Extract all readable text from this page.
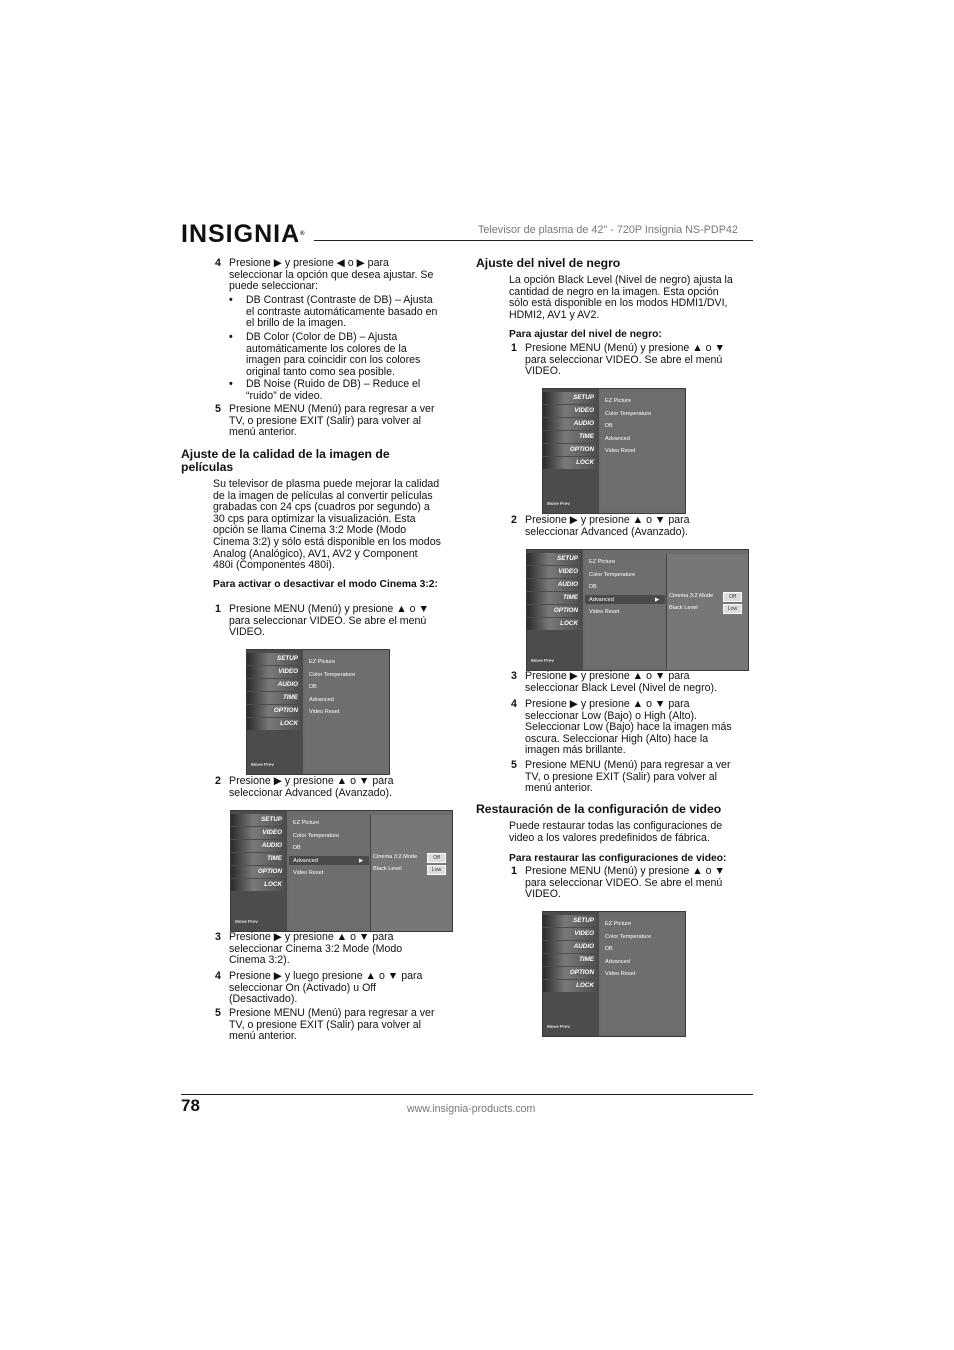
INSIGNIA®	Televisor de plasma de 42" - 720P Insignia NS-PDP42
4 Presione ▶ y presione ◀ o ▶ para
seleccionar la opción que desea ajustar. Se
puede seleccionar:
• DB Contrast (Contraste de DB) – Ajusta
el contraste automáticamente basado en
el brillo de la imagen.
• DB Color (Color de DB) – Ajusta
automáticamente los colores de la
imagen para coincidir con los colores
original tanto como sea posible.
• DB Noise (Ruido de DB) – Reduce el
“ruido” de video.
5 Presione MENU (Menú) para regresar a ver
TV, o presione EXIT (Salir) para volver al
menú anterior.
Ajuste de la calidad de la imagen de películas
Su televisor de plasma puede mejorar la calidad
de la imagen de películas al convertir películas
grabadas con 24 cps (cuadros por segundo) a
30 cps para optimizar la visualización. Esta
opción se llama Cinema 3:2 Mode (Modo
Cinema 3:2) y sólo está disponible en los modos
Analog (Analógico), AV1, AV2 y Component
480i (Componentes 480i).
Para activar o desactivar el modo Cinema 3:2:
1 Presione MENU (Menú) y presione ▲ o ▼
para seleccionar VIDEO. Se abre el menú
VIDEO.
SETUP
VIDEO
AUDIO
TIME
OPTION
LOCK
EZ Picture
Color Temperature
DB
Advanced
Video Reset
Move Prev
2 Presione ▶ y presione ▲ o ▼ para
seleccionar Advanced (Avanzado).
SETUP
VIDEO
AUDIO
TIME
OPTION
LOCK
EZ Picture
Color Temperature
DB
Advanced	▶
Video Reset
Cinema 3:2 Mode	Off
Black Level	Low
Move Prev
3 Presione ▶ y presione ▲ o ▼ para
seleccionar Cinema 3:2 Mode (Modo
Cinema 3:2).
4 Presione ▶ y luego presione ▲ o ▼ para
seleccionar On (Activado) u Off
(Desactivado).
5 Presione MENU (Menú) para regresar a ver
TV, o presione EXIT (Salir) para volver al
menú anterior.
Ajuste del nivel de negro
La opción Black Level (Nivel de negro) ajusta la
cantidad de negro en la imagen. Esta opción
sólo está disponible en los modos HDMI1/DVI,
HDMI2, AV1 y AV2.
Para ajustar del nivel de negro:
1 Presione MENU (Menú) y presione ▲ o ▼
para seleccionar VIDEO. Se abre el menú
VIDEO.
SETUP
VIDEO
AUDIO
TIME
OPTION
LOCK
EZ Picture
Color Temperature
DB
Advanced
Video Reset
Move Prev
2 Presione ▶ y presione ▲ o ▼ para
seleccionar Advanced (Avanzado).
SETUP
VIDEO
AUDIO
TIME
OPTION
LOCK
EZ Picture
Color Temperature
DB
Advanced	▶
Video Reset
Cinema 3:2 Mode	Off
Black Level	Low
Move Prev
3 Presione ▶ y presione ▲ o ▼ para
seleccionar Black Level (Nivel de negro).
4 Presione ▶ y presione ▲ o ▼ para
seleccionar Low (Bajo) o High (Alto).
Seleccionar Low (Bajo) hace la imagen más
oscura. Seleccionar High (Alto) hace la
imagen más brillante.
5 Presione MENU (Menú) para regresar a ver
TV, o presione EXIT (Salir) para volver al
menú anterior.
Restauración de la configuración de video
Puede restaurar todas las configuraciones de
video a los valores predefinidos de fábrica.
Para restaurar las configuraciones de video:
1 Presione MENU (Menú) y presione ▲ o ▼
para seleccionar VIDEO. Se abre el menú
VIDEO.
SETUP
VIDEO
AUDIO
TIME
OPTION
LOCK
EZ Picture
Color Temperature
DB
Advanced
Video Reset
Move Prev
78	www.insignia-products.com
